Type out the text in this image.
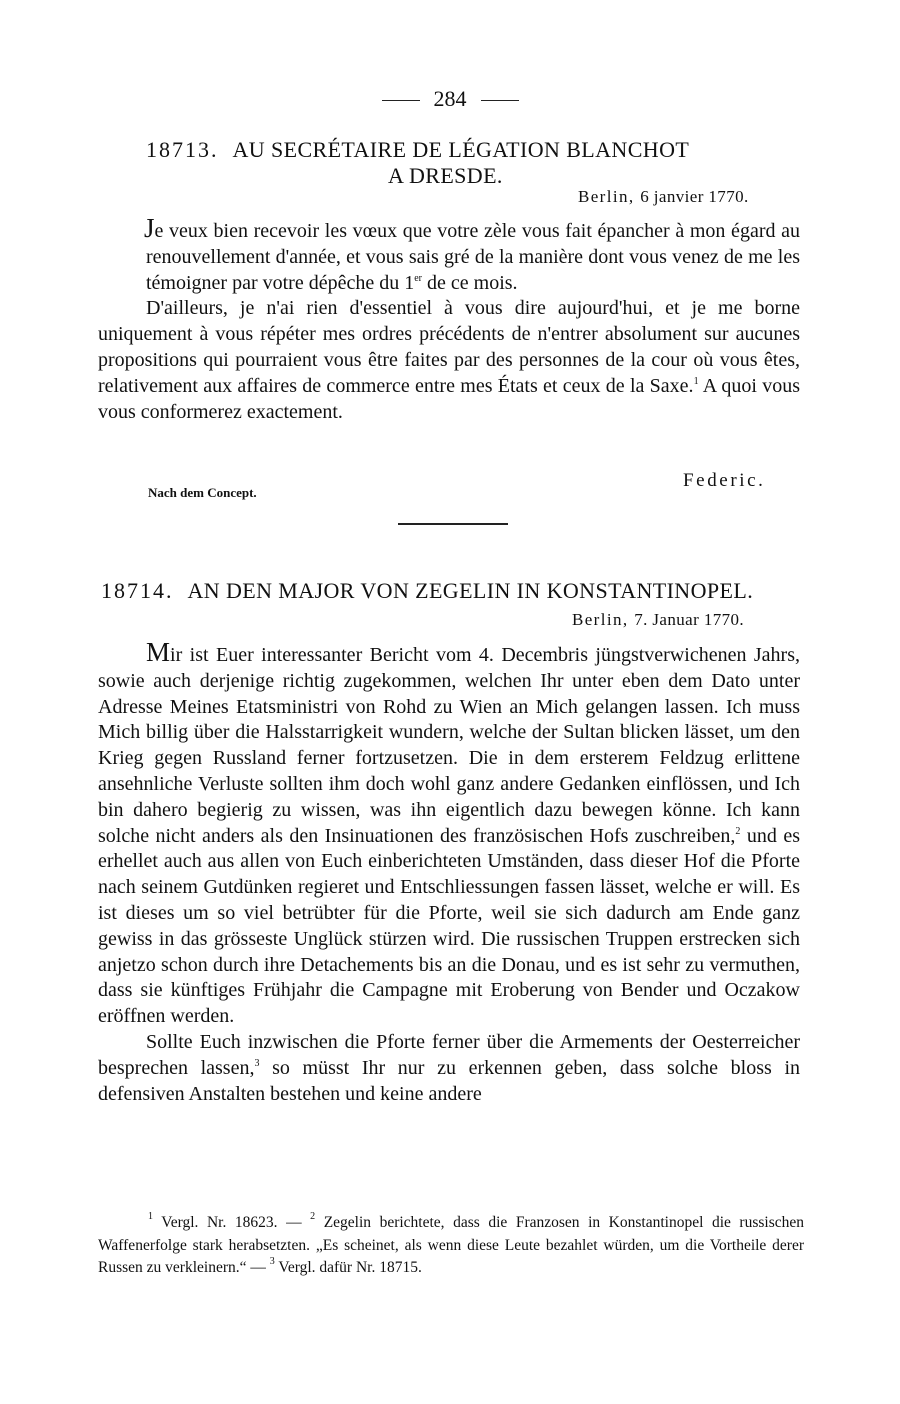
284
18713. AU SECRÉTAIRE DE LÉGATION BLANCHOT
A DRESDE.
Berlin, 6 janvier 1770.

Je veux bien recevoir les vœux que votre zèle vous fait épancher à mon égard au renouvellement d'année, et vous sais gré de la manière dont vous venez de me les témoigner par votre dépêche du 1er de ce mois.

D'ailleurs, je n'ai rien d'essentiel à vous dire aujourd'hui, et je me borne uniquement à vous répéter mes ordres précédents de n'entrer absolument sur aucunes propositions qui pourraient vous être faites par des personnes de la cour où vous êtes, relativement aux affaires de commerce entre mes États et ceux de la Saxe.$^1$ A quoi vous vous conformerez exactement.

Nach dem Concept.
Federic.
18714. AN DEN MAJOR VON ZEGELIN IN KONSTANTINOPEL.
Berlin, 7. Januar 1770.

Mir ist Euer interessanter Bericht vom 4. Decembris jüngstverwichenen Jahrs, sowie auch derjenige richtig zugekommen, welchen Ihr unter eben dem Dato unter Adresse Meines Etatsministri von Rohd zu Wien an Mich gelangen lassen. Ich muss Mich billig über die Halsstarrigkeit wundern, welche der Sultan blicken lässet, um den Krieg gegen Russland ferner fortzusetzen. Die in dem ersterem Feldzug erlittene ansehnliche Verluste sollten ihm doch wohl ganz andere Gedanken einflössen, und Ich bin dahero begierig zu wissen, was ihn eigentlich dazu bewegen könne. Ich kann solche nicht anders als den Insinuationen des französischen Hofs zuschreiben,$^2$ und es erhellet auch aus allen von Euch einberichteten Umständen, dass dieser Hof die Pforte nach seinem Gutdünken regieret und Entschliessungen fassen lässet, welche er will. Es ist dieses um so viel betrübter für die Pforte, weil sie sich dadurch am Ende ganz gewiss in das grösseste Unglück stürzen wird. Die russischen Truppen erstrecken sich anjetzo schon durch ihre Detachements bis an die Donau, und es ist sehr zu vermuthen, dass sie künftiges Frühjahr die Campagne mit Eroberung von Bender und Oczakow eröffnen werden.

Sollte Euch inzwischen die Pforte ferner über die Armements der Oesterreicher besprechen lassen,$^3$ so müsst Ihr nur zu erkennen geben, dass solche bloss in defensiven Anstalten bestehen und keine andere

$^1$ Vergl. Nr. 18623. — $^2$ Zegelin berichtete, dass die Franzosen in Konstantinopel die russischen Waffenerfolge stark herabsetzten. „Es scheinet, als wenn diese Leute bezahlet würden, um die Vortheile derer Russen zu verkleinern.“ — $^3$ Vergl. dafür Nr. 18715.
